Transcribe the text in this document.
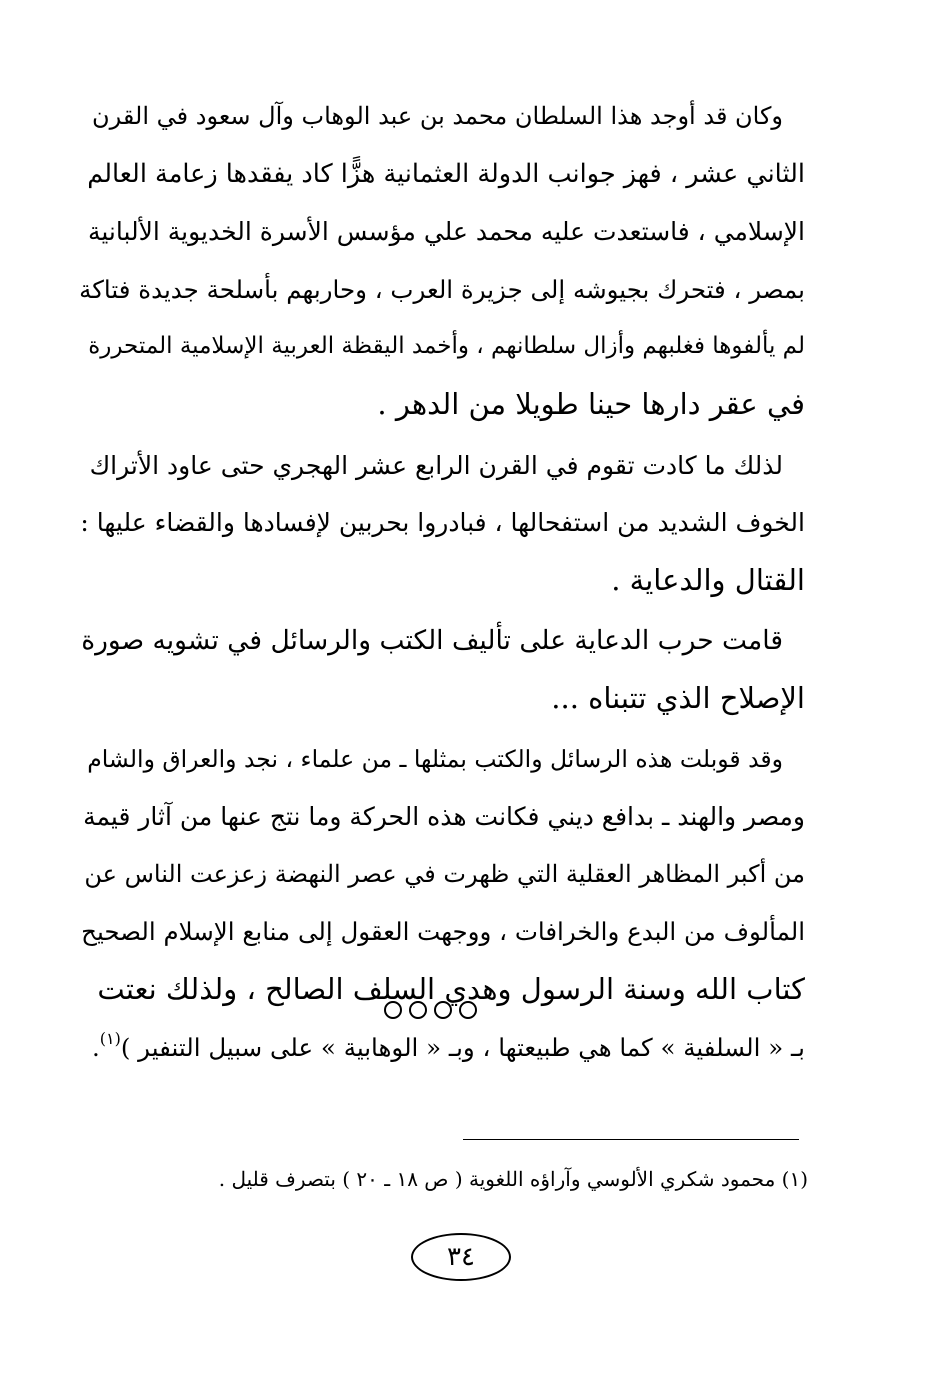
وكان قد أوجد هذا السلطان محمد بن عبد الوهاب وآل سعود في القرن

الثاني عشر ، فهز جوانب الدولة العثمانية هزًّا كاد يفقدها زعامة العالم

الإسلامي ، فاستعدت عليه محمد علي مؤسس الأسرة الخديوية الألبانية

بمصر ، فتحرك بجيوشه إلى جزيرة العرب ، وحاربهم بأسلحة جديدة فتاكة

لم يألفوها فغلبهم وأزال سلطانهم ، وأخمد اليقظة العربية الإسلامية المتحررة

في عقر دارها حينا طويلا من الدهر .

لذلك ما كادت تقوم في القرن الرابع عشر الهجري حتى عاود الأتراك

الخوف الشديد من استفحالها ، فبادروا بحربين لإفسادها والقضاء عليها :

القتال والدعاية .

قامت حرب الدعاية على تأليف الكتب والرسائل في تشويه صورة

الإصلاح الذي تتبناه ...

وقد قوبلت هذه الرسائل والكتب بمثلها ـ من علماء ، نجد والعراق والشام

ومصر والهند ـ بدافع ديني فكانت هذه الحركة وما نتج عنها من آثار قيمة

من أكبر المظاهر العقلية التي ظهرت في عصر النهضة زعزعت الناس عن

المألوف من البدع والخرافات ، ووجهت العقول إلى منابع الإسلام الصحيح

كتاب الله وسنة الرسول وهدي السلف الصالح ، ولذلك نعتت

بـ « السلفية » كما هي طبيعتها ، وبـ « الوهابية » على سبيل التنفير )$^{(١)}$.

(١) محمود شكري الألوسي وآراؤه اللغوية ( ص ١٨ ـ ٢٠ ) بتصرف قليل .
٣٤
